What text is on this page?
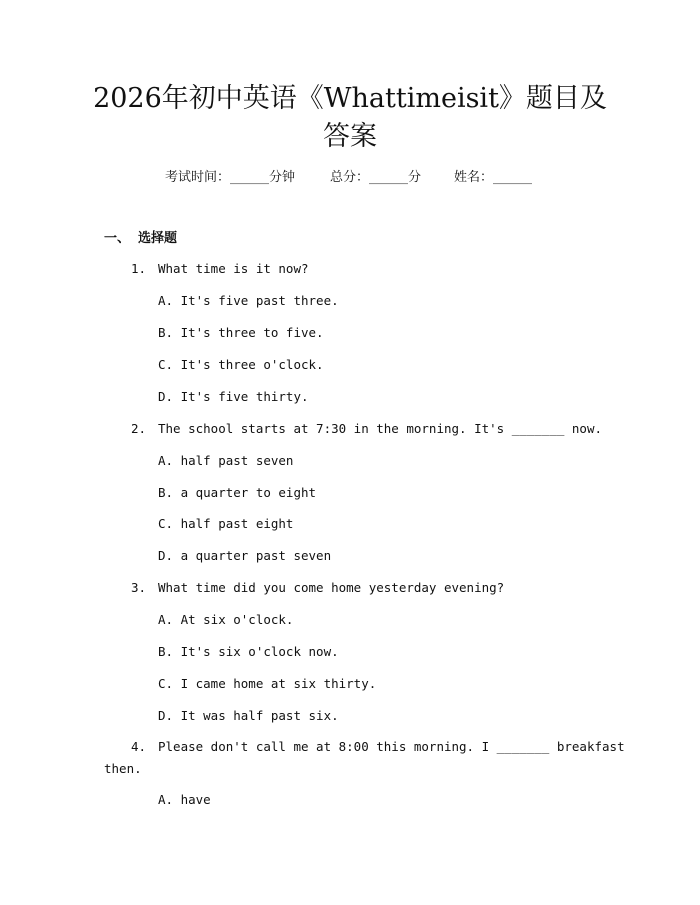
2026年初中英语《Whattimeisit》题目及答案
考试时间：______分钟	总分：______分	姓名：______
一、 选择题
1. What time is it now?
A. It's five past three.
B. It's three to five.
C. It's three o'clock.
D. It's five thirty.
2. The school starts at 7:30 in the morning. It's _______ now.
A. half past seven
B. a quarter to eight
C. half past eight
D. a quarter past seven
3. What time did you come home yesterday evening?
A. At six o'clock.
B. It's six o'clock now.
C. I came home at six thirty.
D. It was half past six.
4. Please don't call me at 8:00 this morning. I _______ breakfast
then.
A. have
